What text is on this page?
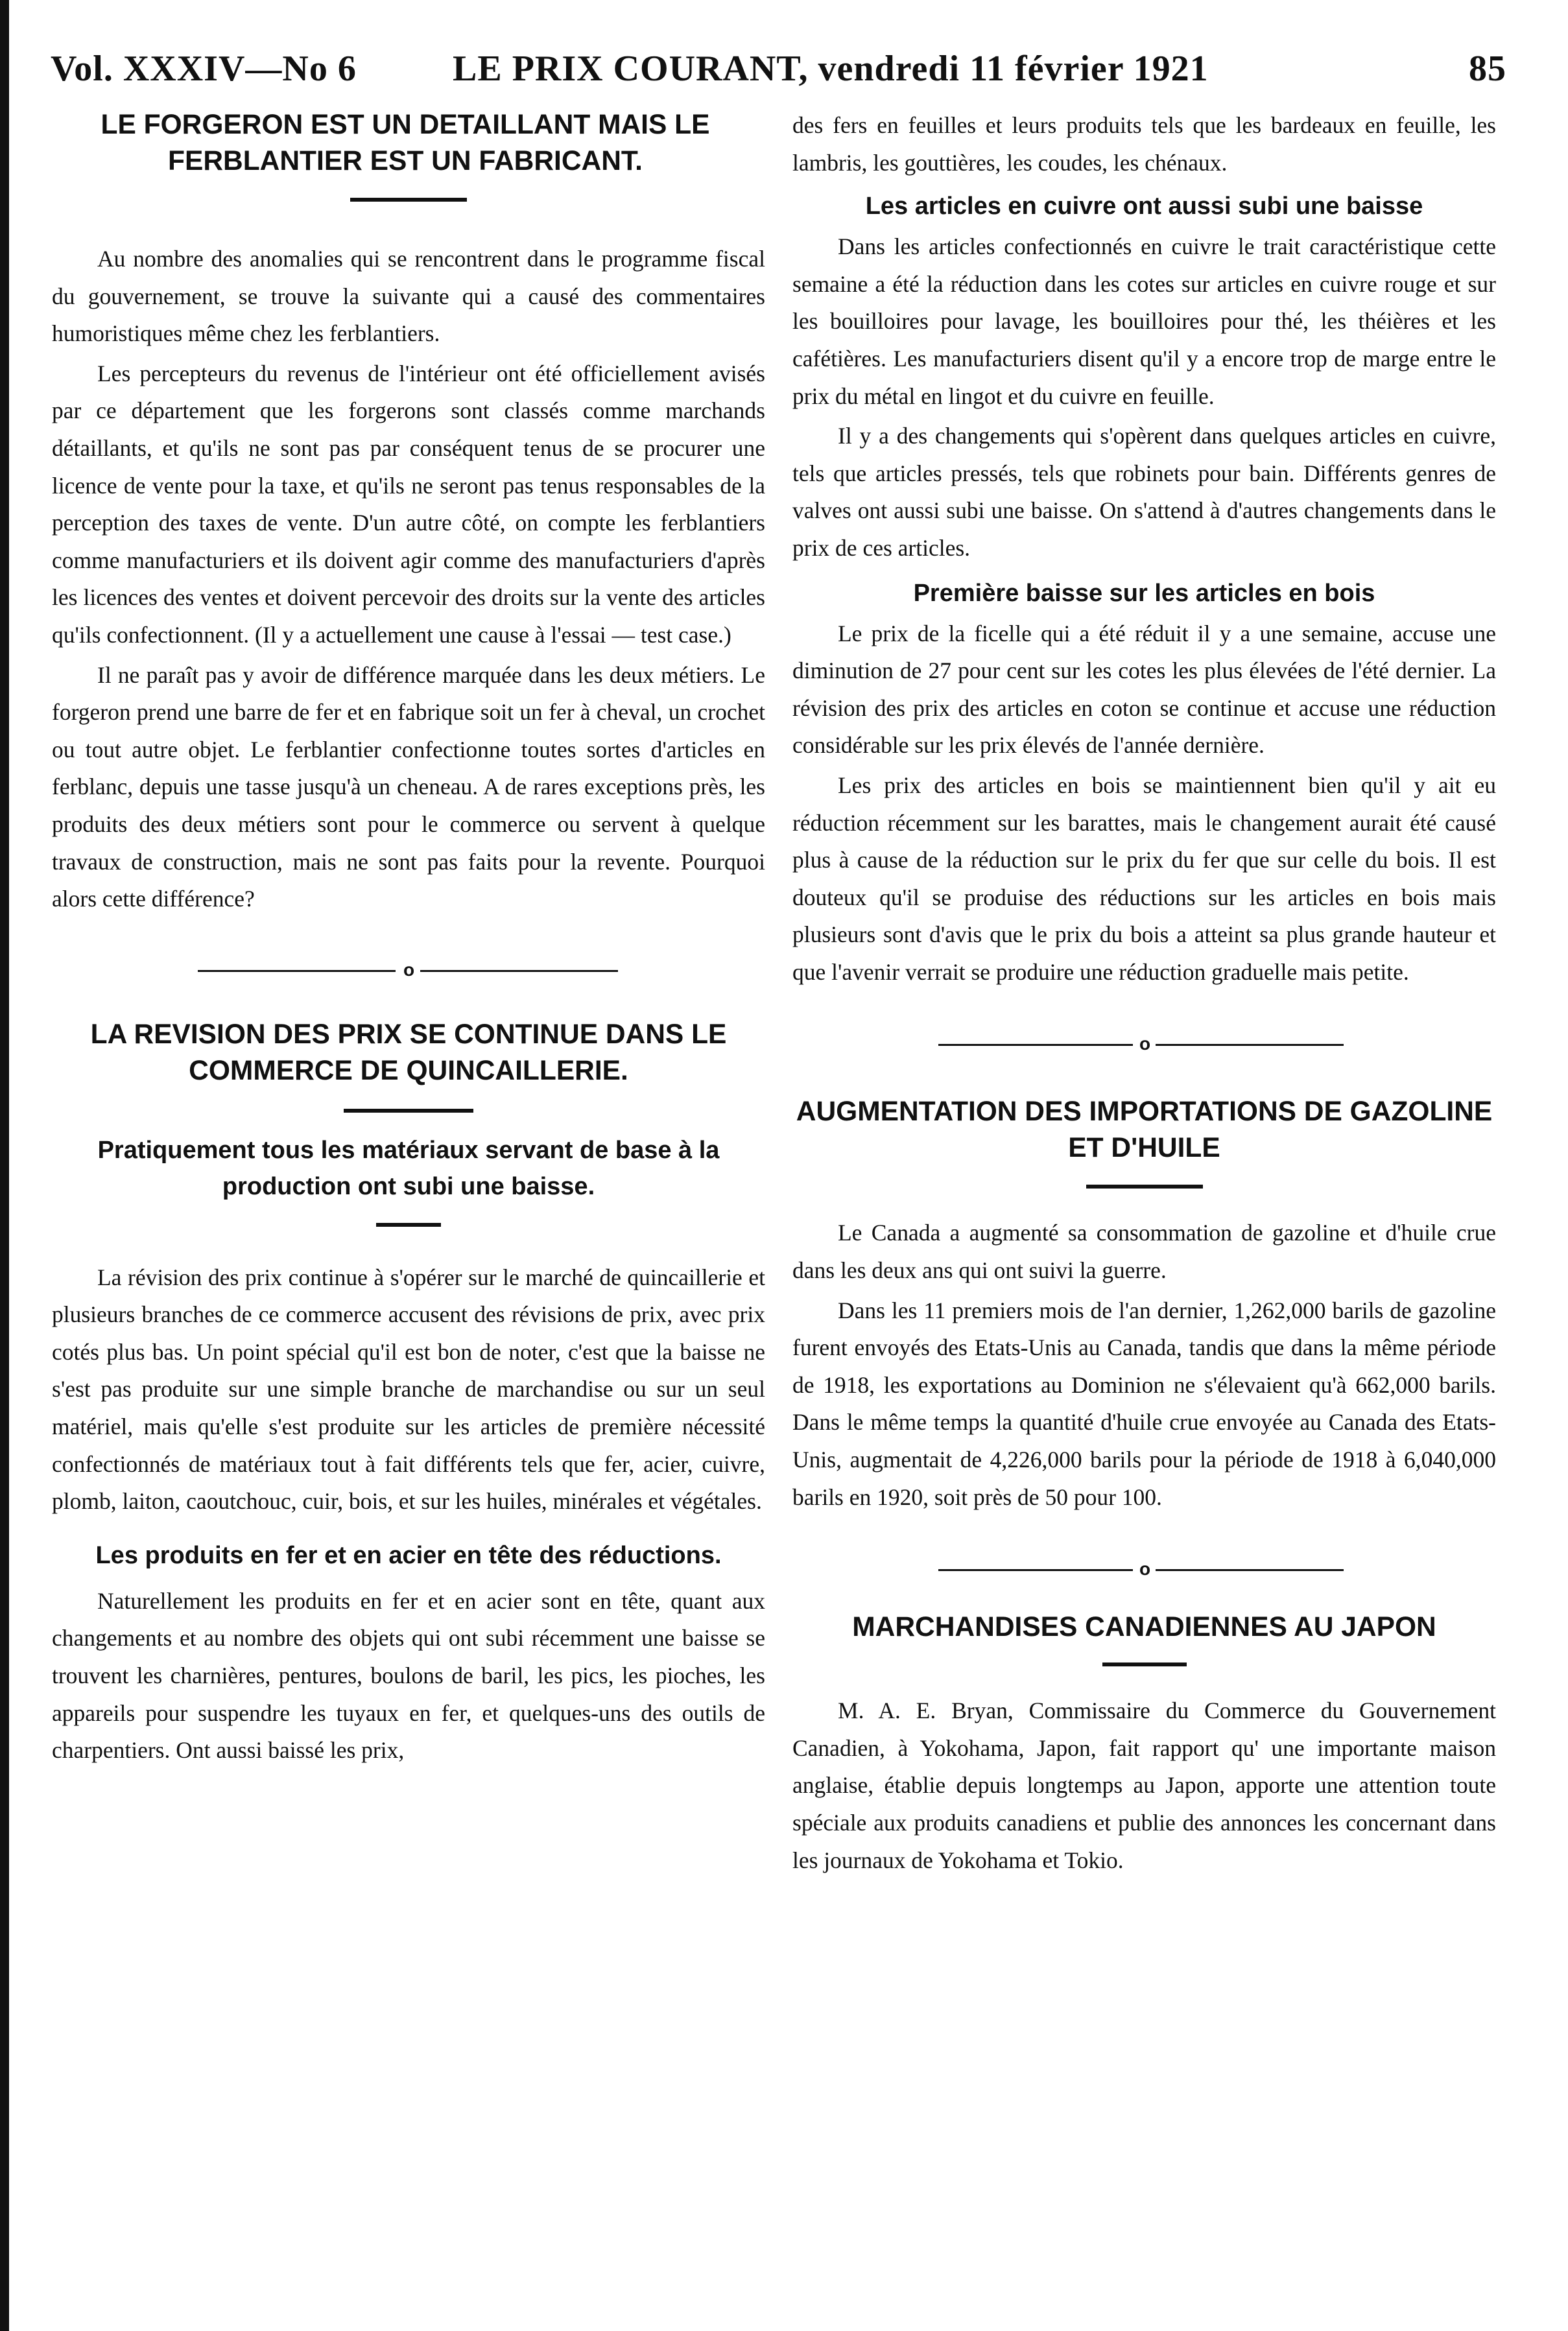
Vol. XXXIV—No 6	LE PRIX COURANT, vendredi 11 février 1921	85
LE FORGERON EST UN DETAILLANT MAIS LE FERBLANTIER EST UN FABRICANT.

Au nombre des anomalies qui se rencontrent dans le programme fiscal du gouvernement, se trouve la suivante qui a causé des commentaires humoristiques même chez les ferblantiers.

Les percepteurs du revenus de l'intérieur ont été officiellement avisés par ce département que les forgerons sont classés comme marchands détaillants, et qu'ils ne sont pas par conséquent tenus de se procurer une licence de vente pour la taxe, et qu'ils ne seront pas tenus responsables de la perception des taxes de vente. D'un autre côté, on compte les ferblantiers comme manufacturiers et ils doivent agir comme des manufacturiers d'après les licences des ventes et doivent percevoir des droits sur la vente des articles qu'ils confectionnent. (Il y a actuellement une cause à l'essai — test case.)

Il ne paraît pas y avoir de différence marquée dans les deux métiers. Le forgeron prend une barre de fer et en fabrique soit un fer à cheval, un crochet ou tout autre objet. Le ferblantier confectionne toutes sortes d'articles en ferblanc, depuis une tasse jusqu'à un cheneau. A de rares exceptions près, les produits des deux métiers sont pour le commerce ou servent à quelque travaux de construction, mais ne sont pas faits pour la revente. Pourquoi alors cette différence?

o
LA REVISION DES PRIX SE CONTINUE DANS LE COMMERCE DE QUINCAILLERIE.
Pratiquement tous les matériaux servant de base à la production ont subi une baisse.

La révision des prix continue à s'opérer sur le marché de quincaillerie et plusieurs branches de ce commerce accusent des révisions de prix, avec prix cotés plus bas. Un point spécial qu'il est bon de noter, c'est que la baisse ne s'est pas produite sur une simple branche de marchandise ou sur un seul matériel, mais qu'elle s'est produite sur les articles de première nécessité confectionnés de matériaux tout à fait différents tels que fer, acier, cuivre, plomb, laiton, caoutchouc, cuir, bois, et sur les huiles, minérales et végétales.

Les produits en fer et en acier en tête des réductions.

Naturellement les produits en fer et en acier sont en tête, quant aux changements et au nombre des objets qui ont subi récemment une baisse se trouvent les charnières, pentures, boulons de baril, les pics, les pioches, les appareils pour suspendre les tuyaux en fer, et quelques-uns des outils de charpentiers. Ont aussi baissé les prix,

des fers en feuilles et leurs produits tels que les bardeaux en feuille, les lambris, les gouttières, les coudes, les chénaux.

Les articles en cuivre ont aussi subi une baisse

Dans les articles confectionnés en cuivre le trait caractéristique cette semaine a été la réduction dans les cotes sur articles en cuivre rouge et sur les bouilloires pour lavage, les bouilloires pour thé, les théières et les cafétières. Les manufacturiers disent qu'il y a encore trop de marge entre le prix du métal en lingot et du cuivre en feuille.

Il y a des changements qui s'opèrent dans quelques articles en cuivre, tels que articles pressés, tels que robinets pour bain. Différents genres de valves ont aussi subi une baisse. On s'attend à d'autres changements dans le prix de ces articles.

Première baisse sur les articles en bois

Le prix de la ficelle qui a été réduit il y a une semaine, accuse une diminution de 27 pour cent sur les cotes les plus élevées de l'été dernier. La révision des prix des articles en coton se continue et accuse une réduction considérable sur les prix élevés de l'année dernière.

Les prix des articles en bois se maintiennent bien qu'il y ait eu réduction récemment sur les barattes, mais le changement aurait été causé plus à cause de la réduction sur le prix du fer que sur celle du bois. Il est douteux qu'il se produise des réductions sur les articles en bois mais plusieurs sont d'avis que le prix du bois a atteint sa plus grande hauteur et que l'avenir verrait se produire une réduction graduelle mais petite.

o
AUGMENTATION DES IMPORTATIONS DE GAZOLINE ET D'HUILE

Le Canada a augmenté sa consommation de gazoline et d'huile crue dans les deux ans qui ont suivi la guerre.

Dans les 11 premiers mois de l'an dernier, 1,262,000 barils de gazoline furent envoyés des Etats-Unis au Canada, tandis que dans la même période de 1918, les exportations au Dominion ne s'élevaient qu'à 662,000 barils. Dans le même temps la quantité d'huile crue envoyée au Canada des Etats-Unis, augmentait de 4,226,000 barils pour la période de 1918 à 6,040,000 barils en 1920, soit près de 50 pour 100.

o
MARCHANDISES CANADIENNES AU JAPON

M. A. E. Bryan, Commissaire du Commerce du Gouvernement Canadien, à Yokohama, Japon, fait rapport qu' une importante maison anglaise, établie depuis longtemps au Japon, apporte une attention toute spéciale aux produits canadiens et publie des annonces les concernant dans les journaux de Yokohama et Tokio.
